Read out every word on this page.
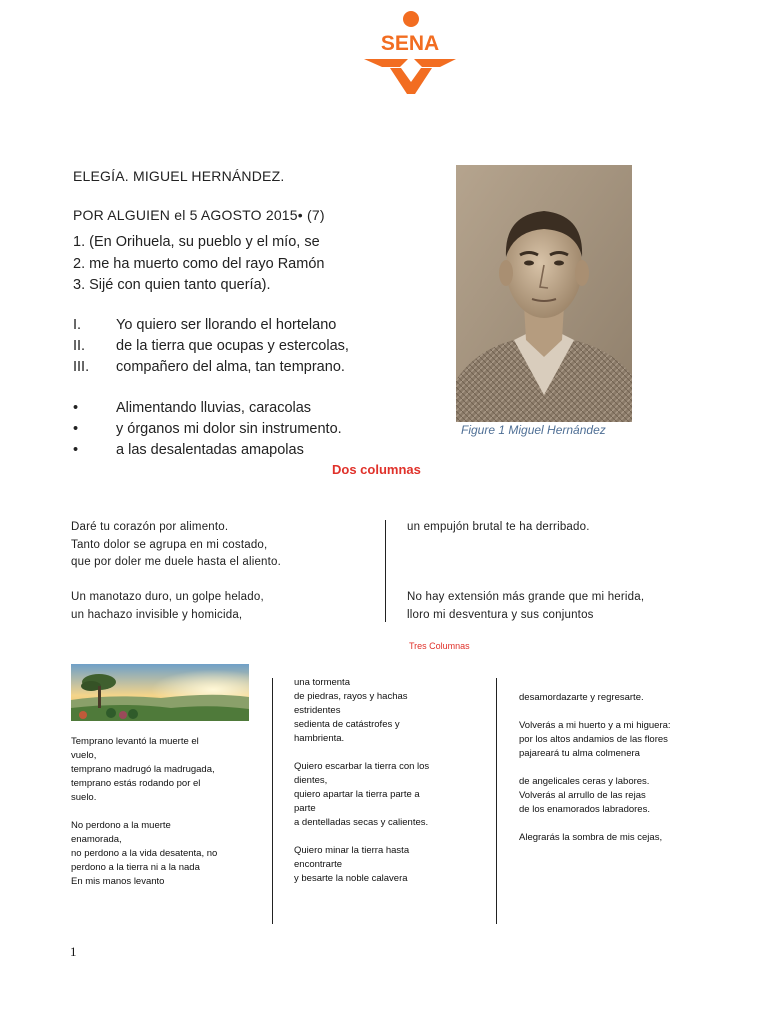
SENA
ELEGÍA. MIGUEL HERNÁNDEZ.
POR ALGUIEN el 5 AGOSTO 2015• (7)
1. (En Orihuela, su pueblo y el mío, se
2. me ha muerto como del rayo Ramón
3. Sijé con quien tanto quería).
I. Yo quiero ser llorando el hortelano
II. de la tierra que ocupas y estercolas,
III. compañero del alma, tan temprano.
•	Alimentando lluvias, caracolas
•	y órganos mi dolor sin instrumento.
•	a las desalentadas amapolas
Figure 1 Miguel Hernández
Dos columnas

Daré tu corazón por alimento.

Tanto dolor se agrupa en mi costado,

que por doler me duele hasta el aliento.

Un manotazo duro, un golpe helado,

un hachazo invisible y homicida,

un empujón brutal te ha derribado.

No hay extensión más grande que mi herida,

lloro mi desventura y sus conjuntos

Tres Columnas

Temprano levantó la muerte el

vuelo,

temprano madrugó la madrugada,

temprano estás rodando por el

suelo.

No perdono a la muerte

enamorada,

no perdono a la vida desatenta, no

perdono a la tierra ni a la nada

En mis manos levanto

una tormenta

de piedras, rayos y hachas

estridentes

sedienta de catástrofes y

hambrienta.

Quiero escarbar la tierra con los

dientes,

quiero apartar la tierra parte a

parte

a dentelladas secas y calientes.

Quiero minar la tierra hasta

encontrarte

y besarte la noble calavera

desamordazarte y regresarte.

Volverás a mi huerto y a mi higuera:

por los altos andamios de las flores

pajareará tu alma colmenera

de angelicales ceras y labores.

Volverás al arrullo de las rejas

de los enamorados labradores.

Alegrarás la sombra de mis cejas,

1
